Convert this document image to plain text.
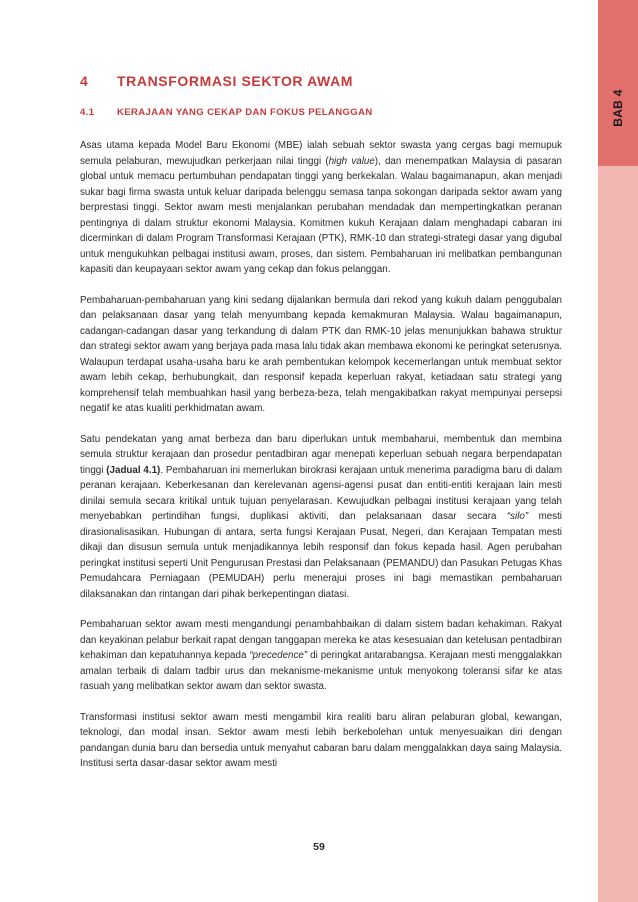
BAB 4
4 TRANSFORMASI SEKTOR AWAM
4.1 KERAJAAN YANG CEKAP DAN FOKUS PELANGGAN

Asas utama kepada Model Baru Ekonomi (MBE) ialah sebuah sektor swasta yang cergas bagi memupuk semula pelaburan, mewujudkan perkerjaan nilai tinggi (high value), dan menempatkan Malaysia di pasaran global untuk memacu pertumbuhan pendapatan tinggi yang berkekalan. Walau bagaimanapun, akan menjadi sukar bagi firma swasta untuk keluar daripada belenggu semasa tanpa sokongan daripada sektor awam yang berprestasi tinggi. Sektor awam mesti menjalankan perubahan mendadak dan mempertingkatkan peranan pentingnya di dalam struktur ekonomi Malaysia. Komitmen kukuh Kerajaan dalam menghadapi cabaran ini dicerminkan di dalam Program Transformasi Kerajaan (PTK), RMK-10 dan strategi-strategi dasar yang digubal untuk mengukuhkan pelbagai institusi awam, proses, dan sistem. Pembaharuan ini melibatkan pembangunan kapasiti dan keupayaan sektor awam yang cekap dan fokus pelanggan.

Pembaharuan-pembaharuan yang kini sedang dijalankan bermula dari rekod yang kukuh dalam penggubalan dan pelaksanaan dasar yang telah menyumbang kepada kemakmuran Malaysia. Walau bagaimanapun, cadangan-cadangan dasar yang terkandung di dalam PTK dan RMK-10 jelas menunjukkan bahawa struktur dan strategi sektor awam yang berjaya pada masa lalu tidak akan membawa ekonomi ke peringkat seterusnya. Walaupun terdapat usaha-usaha baru ke arah pembentukan kelompok kecemerlangan untuk membuat sektor awam lebih cekap, berhubungkait, dan responsif kepada keperluan rakyat, ketiadaan satu strategi yang komprehensif telah membuahkan hasil yang berbeza-beza, telah mengakibatkan rakyat mempunyai persepsi negatif ke atas kualiti perkhidmatan awam.

Satu pendekatan yang amat berbeza dan baru diperlukan untuk membaharui, membentuk dan membina semula struktur kerajaan dan prosedur pentadbiran agar menepati keperluan sebuah negara berpendapatan tinggi (Jadual 4.1). Pembaharuan ini memerlukan birokrasi kerajaan untuk menerima paradigma baru di dalam peranan kerajaan. Keberkesanan dan kerelevanan agensi-agensi pusat dan entiti-entiti kerajaan lain mesti dinilai semula secara kritikal untuk tujuan penyelarasan. Kewujudkan pelbagai institusi kerajaan yang telah menyebabkan pertindihan fungsi, duplikasi aktiviti, dan pelaksanaan dasar secara “silo” mesti dirasionalisasikan. Hubungan di antara, serta fungsi Kerajaan Pusat, Negeri, dan Kerajaan Tempatan mesti dikaji dan disusun semula untuk menjadikannya lebih responsif dan fokus kepada hasil. Agen perubahan peringkat institusi seperti Unit Pengurusan Prestasi dan Pelaksanaan (PEMANDU) dan Pasukan Petugas Khas Pemudahcara Perniagaan (PEMUDAH) perlu menerajui proses ini bagi memastikan pembaharuan dilaksanakan dan rintangan dari pihak berkepentingan diatasi.

Pembaharuan sektor awam mesti mengandungi penambahbaikan di dalam sistem badan kehakiman. Rakyat dan keyakinan pelabur berkait rapat dengan tanggapan mereka ke atas kesesuaian dan ketelusan pentadbiran kehakiman dan kepatuhannya kepada “precedence” di peringkat antarabangsa. Kerajaan mesti menggalakkan amalan terbaik di dalam tadbir urus dan mekanisme-mekanisme untuk menyokong toleransi sifar ke atas rasuah yang melibatkan sektor awam dan sektor swasta.

Transformasi institusi sektor awam mesti mengambil kira realiti baru aliran pelaburan global, kewangan, teknologi, dan modal insan. Sektor awam mesti lebih berkebolehan untuk menyesuaikan diri dengan pandangan dunia baru dan bersedia untuk menyahut cabaran baru dalam menggalakkan daya saing Malaysia. Institusi serta dasar-dasar sektor awam mesti

59
